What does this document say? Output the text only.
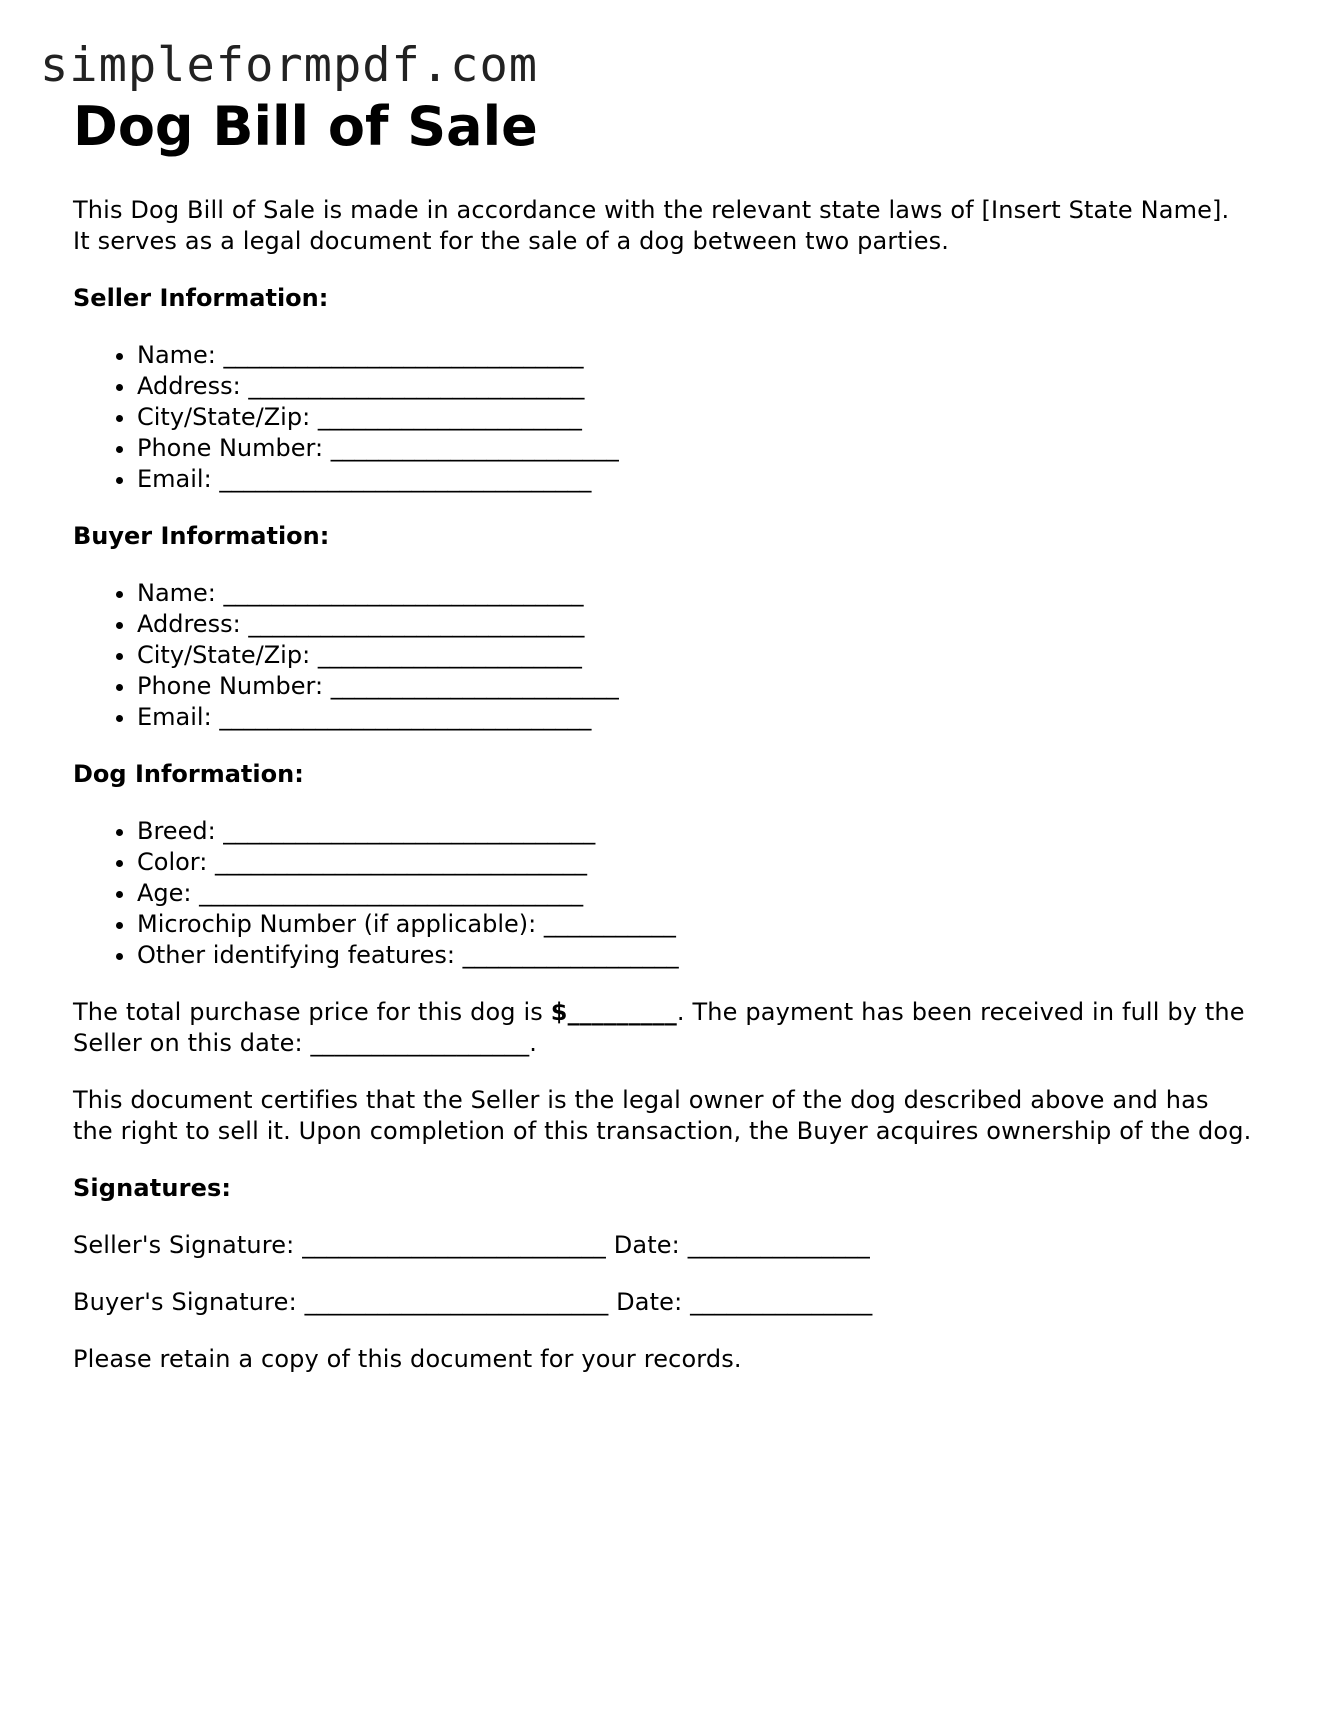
simpleformpdf.com
Dog Bill of Sale

This Dog Bill of Sale is made in accordance with the relevant state laws of [Insert State Name]. It serves as a legal document for the sale of a dog between two parties.

Seller Information:
• Name: ______________________________
• Address: ____________________________
• City/State/Zip: ______________________
• Phone Number: ________________________
• Email: _______________________________
Buyer Information:
• Name: ______________________________
• Address: ____________________________
• City/State/Zip: ______________________
• Phone Number: ________________________
• Email: _______________________________
Dog Information:
• Breed: _______________________________
• Color: _______________________________
• Age: ________________________________
• Microchip Number (if applicable): ___________
• Other identifying features: __________________

The total purchase price for this dog is $_________. The payment has been received in full by the Seller on this date: __________________.

This document certifies that the Seller is the legal owner of the dog described above and has the right to sell it. Upon completion of this transaction, the Buyer acquires ownership of the dog.

Signatures:

Seller's Signature: _________________________ Date: _______________

Buyer's Signature: _________________________ Date: _______________

Please retain a copy of this document for your records.
